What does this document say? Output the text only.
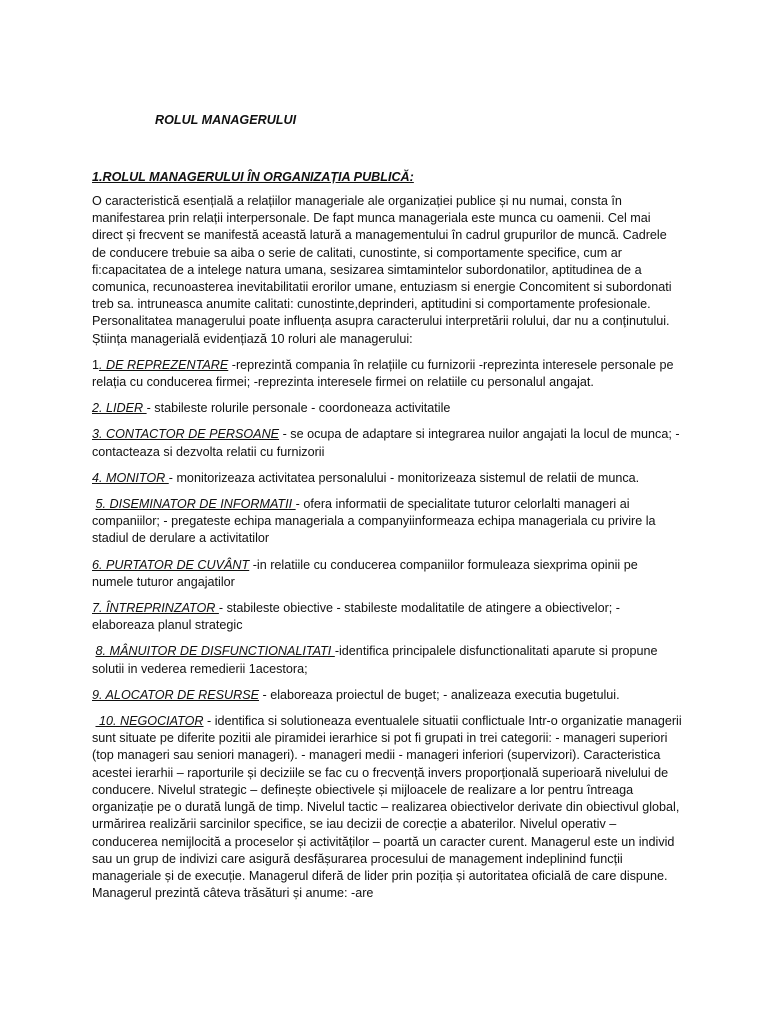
ROLUL MANAGERULUI

1.ROLUL MANAGERULUI ÎN ORGANIZAȚIA PUBLICĂ:

O caracteristică esențială a relațiilor manageriale ale organizației publice și nu numai, consta în manifestarea prin relații interpersonale. De fapt munca manageriala este munca cu oamenii. Cel mai direct și frecvent se manifestă această latură a managementului în cadrul grupurilor de muncă. Cadrele de conducere trebuie sa aiba o serie de calitati, cunostinte, si comportamente specifice, cum ar fi:capacitatea de a intelege natura umana, sesizarea simtamintelor subordonatilor, aptitudinea de a comunica, recunoasterea inevitabilitatii erorilor umane, entuziasm si energie Concomitent si subordonati treb sa. intruneasca anumite calitati: cunostinte,deprinderi, aptitudini si comportamente profesionale. Personalitatea managerului poate influența asupra caracterului interpretării rolului, dar nu a conținutului. Știința managerială evidențiază 10 roluri ale managerului:

1. DE REPREZENTARE -reprezintă compania în relațiile cu furnizorii -reprezinta interesele personale pe relația cu conducerea firmei; -reprezinta interesele firmei on relatiile cu personalul angajat.

2. LIDER - stabileste rolurile personale - coordoneaza activitatile

3. CONTACTOR DE PERSOANE - se ocupa de adaptare si integrarea nuilor angajati la locul de munca; - contacteaza si dezvolta relatii cu furnizorii

4. MONITOR - monitorizeaza activitatea personalului - monitorizeaza sistemul de relatii de munca.

5. DISEMINATOR DE INFORMATII - ofera informatii de specialitate tuturor celorlalti manageri ai companiilor; - pregateste echipa manageriala a companyiinformeaza echipa manageriala cu privire la stadiul de derulare a activitatilor

6. PURTATOR DE CUVÂNT -in relatiile cu conducerea companiilor formuleaza siexprima opinii pe numele tuturor angajatilor

7. ÎNTREPRINZATOR - stabileste obiective - stabileste modalitatile de atingere a obiectivelor; - elaboreaza planul strategic

8. MÂNUITOR DE DISFUNCTIONALITATI -identifica principalele disfunctionalitati aparute si propune solutii in vederea remedierii 1acestora;

9. ALOCATOR DE RESURSE - elaboreaza proiectul de buget; - analizeaza executia bugetului.

10. NEGOCIATOR - identifica si solutioneaza eventualele situatii conflictuale Intr-o organizatie managerii sunt situate pe diferite pozitii ale piramidei ierarhice si pot fi grupati in trei categorii: - manageri superiori (top manageri sau seniori manageri). - manageri medii - manageri inferiori (supervizori). Caracteristica acestei ierarhii – raporturile și deciziile se fac cu o frecvență invers proporțională superioară nivelului de conducere. Nivelul strategic – definește obiectivele și mijloacele de realizare a lor pentru întreaga organizație pe o durată lungă de timp. Nivelul tactic – realizarea obiectivelor derivate din obiectivul global, urmărirea realizării sarcinilor specifice, se iau decizii de corecție a abaterilor. Nivelul operativ – conducerea nemijlocită a proceselor și activităților – poartă un caracter curent. Managerul este un individ sau un grup de indivizi care asigură desfășurarea procesului de management indeplinind funcții manageriale și de execuție. Managerul diferă de lider prin poziția și autoritatea oficială de care dispune. Managerul prezintă câteva trăsături și anume: -are
